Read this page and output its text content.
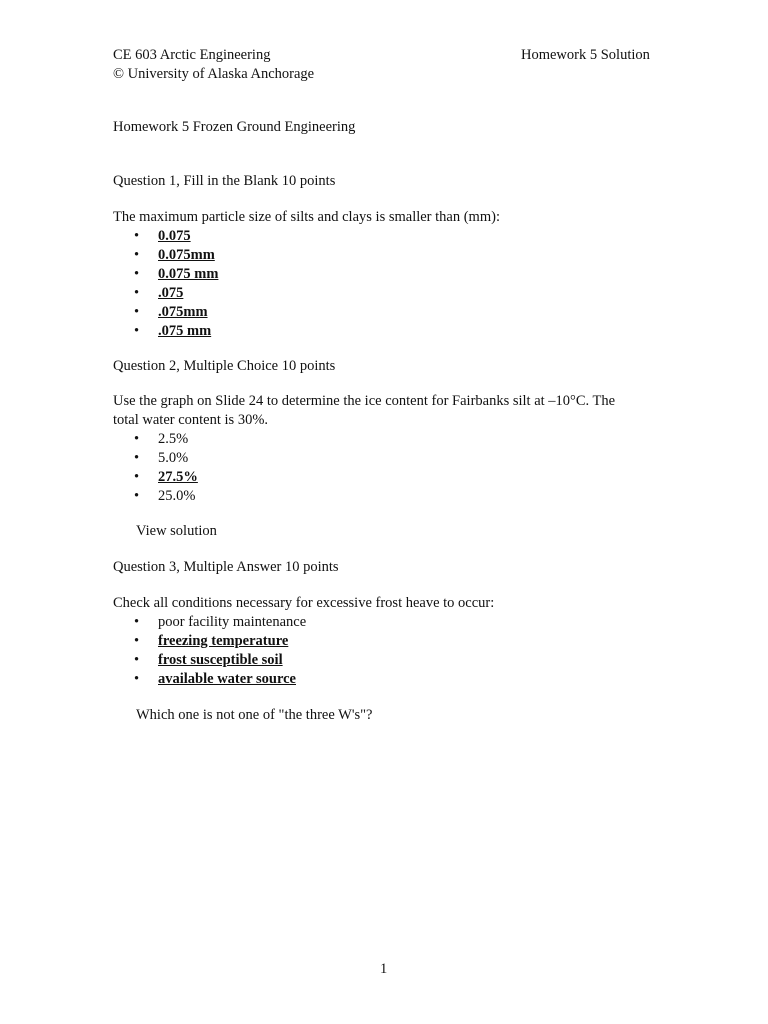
CE 603 Arctic Engineering
© University of Alaska Anchorage
Homework 5 Solution
Homework 5 Frozen Ground Engineering
Question 1, Fill in the Blank 10 points
The maximum particle size of silts and clays is smaller than (mm):
• 0.075
• 0.075mm
• 0.075 mm
• .075
• .075mm
• .075 mm
Question 2, Multiple Choice 10 points
Use the graph on Slide 24 to determine the ice content for Fairbanks silt at –10°C. The
total water content is 30%.
• 2.5%
• 5.0%
• 27.5%
• 25.0%
View solution
Question 3, Multiple Answer 10 points
Check all conditions necessary for excessive frost heave to occur:
• poor facility maintenance
• freezing temperature
• frost susceptible soil
• available water source
Which one is not one of "the three W's"?
1
